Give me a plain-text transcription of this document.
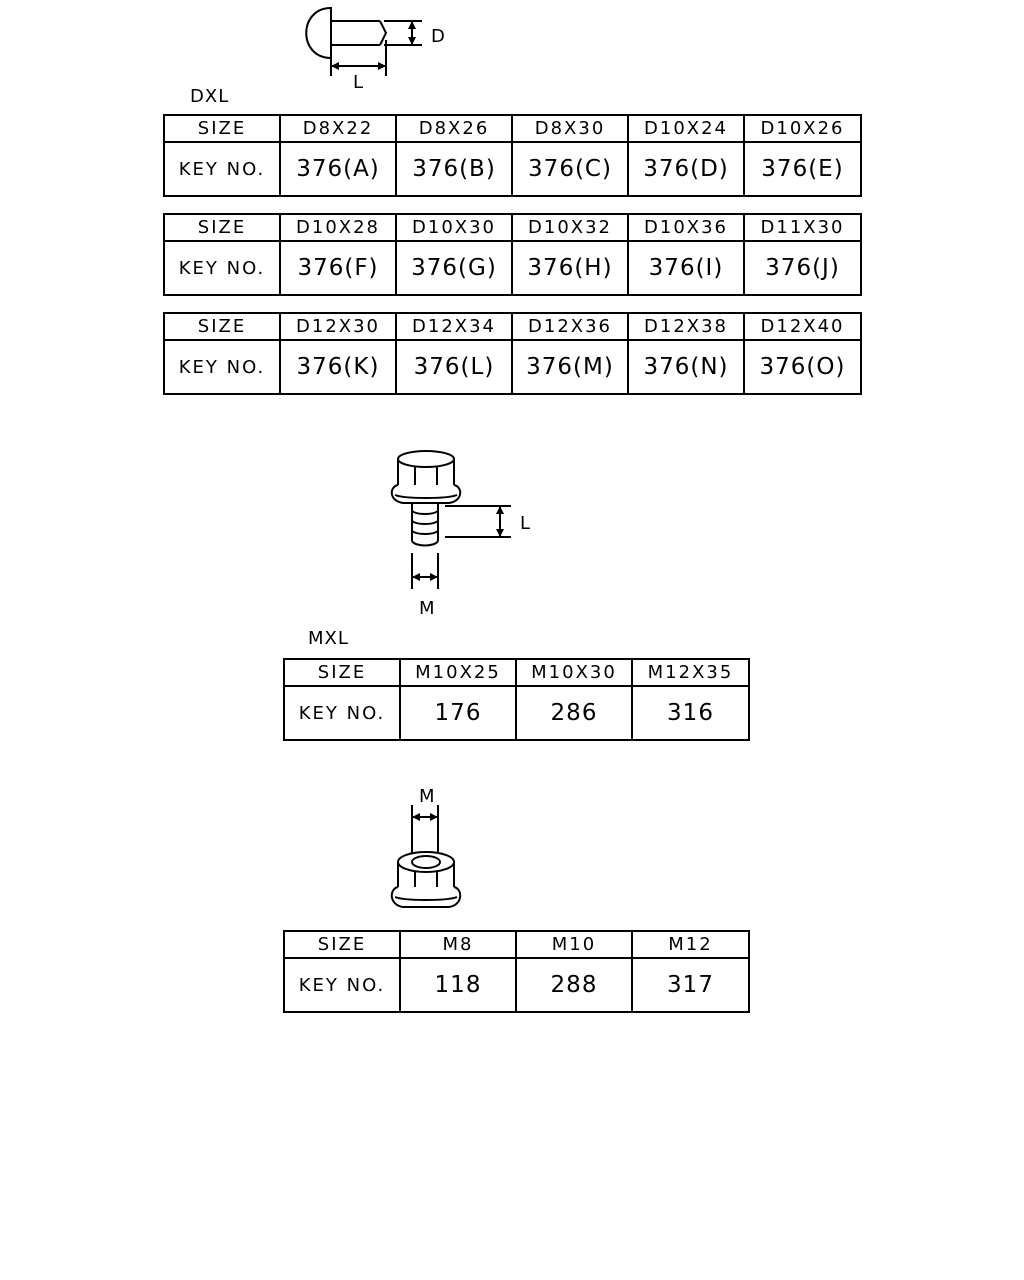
D
L
DXL
SIZE	D8X22	D8X26	D8X30	D10X24	D10X26
KEY NO.	376(A)	376(B)	376(C)	376(D)	376(E)
SIZE	D10X28	D10X30	D10X32	D10X36	D11X30
KEY NO.	376(F)	376(G)	376(H)	376(I)	376(J)
SIZE	D12X30	D12X34	D12X36	D12X38	D12X40
KEY NO.	376(K)	376(L)	376(M)	376(N)	376(O)
L
M
MXL
SIZE	M10X25	M10X30	M12X35
KEY NO.	176	286	316
M
SIZE	M8	M10	M12
KEY NO.	118	288	317
